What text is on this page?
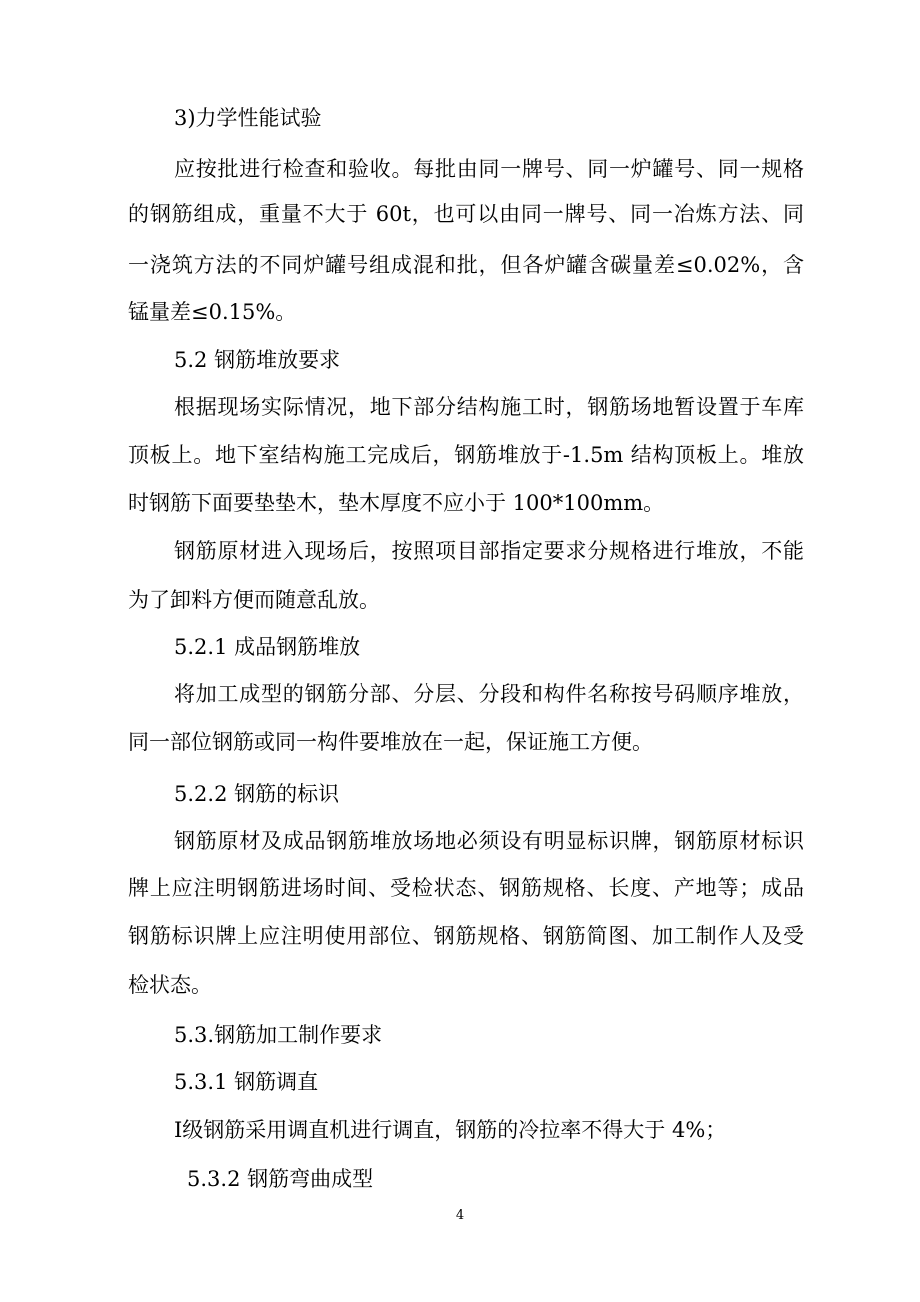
3)力学性能试验

应按批进行检查和验收。每批由同一牌号、同一炉罐号、同一规格

的钢筋组成，重量不大于 60t，也可以由同一牌号、同一冶炼方法、同

一浇筑方法的不同炉罐号组成混和批，但各炉罐含碳量差≤0.02%，含

锰量差≤0.15%。

5.2 钢筋堆放要求

根据现场实际情况，地下部分结构施工时，钢筋场地暂设置于车库

顶板上。地下室结构施工完成后，钢筋堆放于-1.5m 结构顶板上。堆放

时钢筋下面要垫垫木，垫木厚度不应小于 100*100mm。

钢筋原材进入现场后，按照项目部指定要求分规格进行堆放，不能

为了卸料方便而随意乱放。

5.2.1 成品钢筋堆放

将加工成型的钢筋分部、分层、分段和构件名称按号码顺序堆放，

同一部位钢筋或同一构件要堆放在一起，保证施工方便。

5.2.2 钢筋的标识

钢筋原材及成品钢筋堆放场地必须设有明显标识牌，钢筋原材标识

牌上应注明钢筋进场时间、受检状态、钢筋规格、长度、产地等；成品

钢筋标识牌上应注明使用部位、钢筋规格、钢筋简图、加工制作人及受

检状态。

5.3.钢筋加工制作要求

5.3.1 钢筋调直

Ⅰ级钢筋采用调直机进行调直，钢筋的冷拉率不得大于 4%；

5.3.2 钢筋弯曲成型

4
